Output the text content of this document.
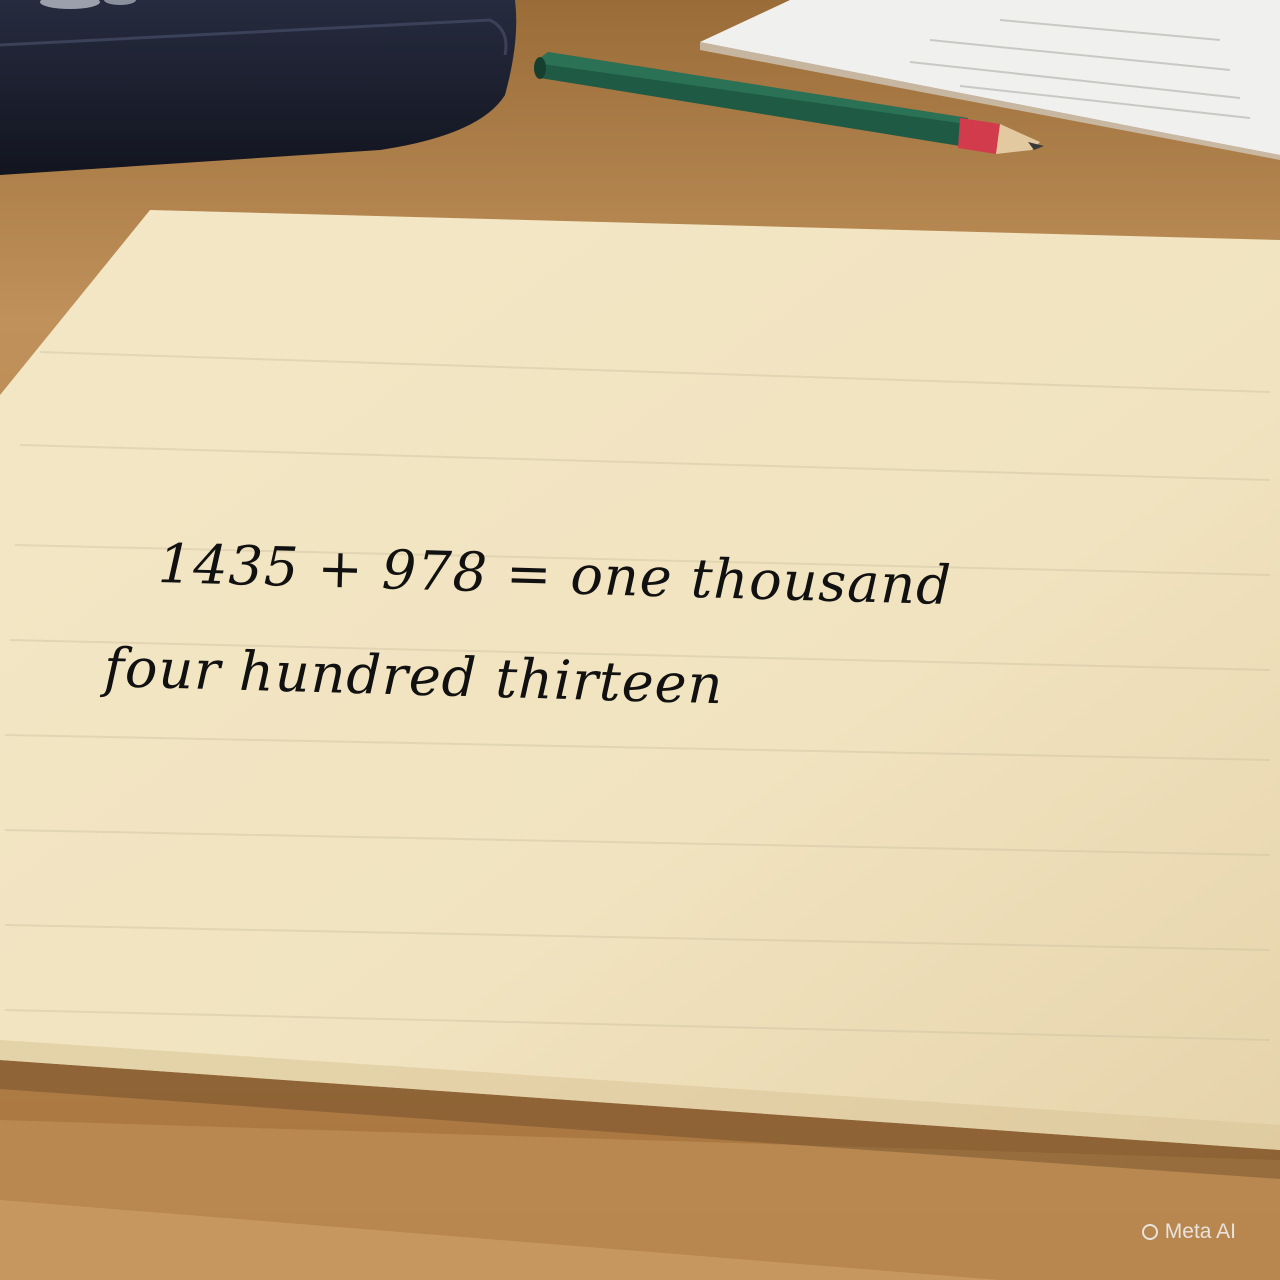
1435 + 978 = one thousand

four hundred thirteen

Meta AI
